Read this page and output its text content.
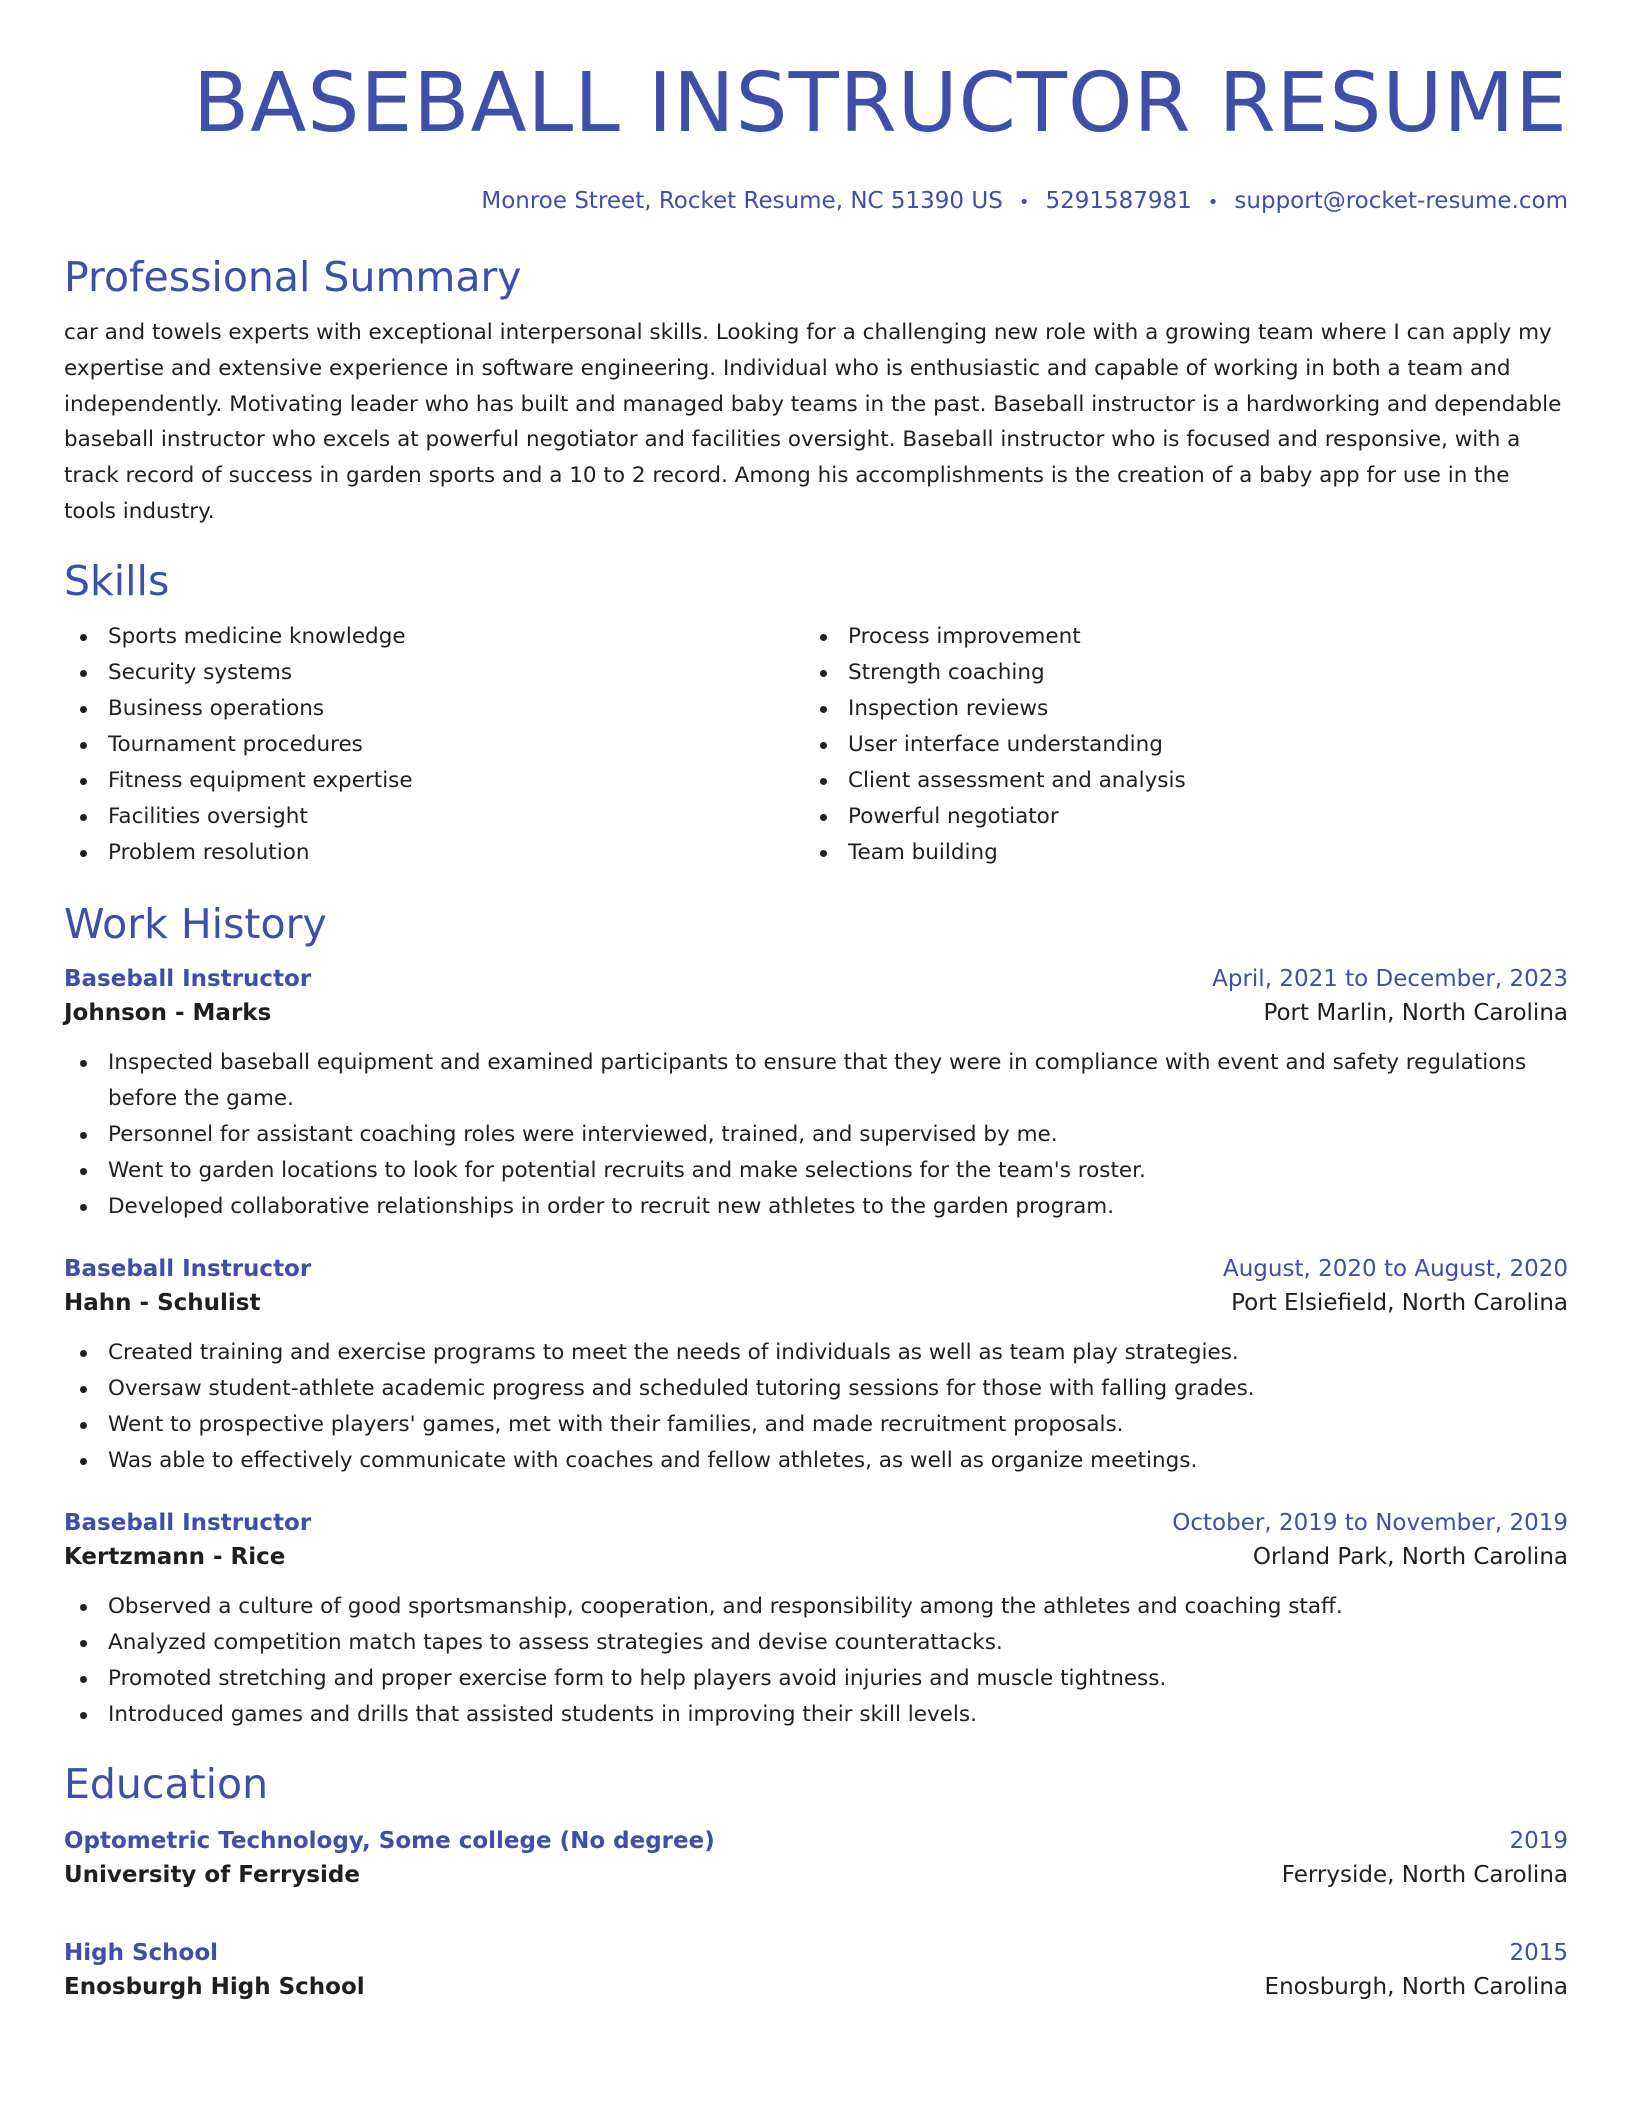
BASEBALL INSTRUCTOR RESUME
Monroe Street, Rocket Resume, NC 51390 US • 5291587981 • support@rocket-resume.com
Professional Summary

car and towels experts with exceptional interpersonal skills. Looking for a challenging new role with a growing team where I can apply my expertise and extensive experience in software engineering. Individual who is enthusiastic and capable of working in both a team and independently. Motivating leader who has built and managed baby teams in the past. Baseball instructor is a hardworking and dependable baseball instructor who excels at powerful negotiator and facilities oversight. Baseball instructor who is focused and responsive, with a track record of success in garden sports and a 10 to 2 record. Among his accomplishments is the creation of a baby app for use in the tools industry.

Skills
Sports medicine knowledge
Security systems
Business operations
Tournament procedures
Fitness equipment expertise
Facilities oversight
Problem resolution
Process improvement
Strength coaching
Inspection reviews
User interface understanding
Client assessment and analysis
Powerful negotiator
Team building
Work History
Baseball Instructor	April, 2021 to December, 2023
Johnson - Marks	Port Marlin, North Carolina
Inspected baseball equipment and examined participants to ensure that they were in compliance with event and safety regulations before the game.
Personnel for assistant coaching roles were interviewed, trained, and supervised by me.
Went to garden locations to look for potential recruits and make selections for the team's roster.
Developed collaborative relationships in order to recruit new athletes to the garden program.
Baseball Instructor	August, 2020 to August, 2020
Hahn - Schulist	Port Elsiefield, North Carolina
Created training and exercise programs to meet the needs of individuals as well as team play strategies.
Oversaw student-athlete academic progress and scheduled tutoring sessions for those with falling grades.
Went to prospective players' games, met with their families, and made recruitment proposals.
Was able to effectively communicate with coaches and fellow athletes, as well as organize meetings.
Baseball Instructor	October, 2019 to November, 2019
Kertzmann - Rice	Orland Park, North Carolina
Observed a culture of good sportsmanship, cooperation, and responsibility among the athletes and coaching staff.
Analyzed competition match tapes to assess strategies and devise counterattacks.
Promoted stretching and proper exercise form to help players avoid injuries and muscle tightness.
Introduced games and drills that assisted students in improving their skill levels.
Education
Optometric Technology, Some college (No degree)	2019
University of Ferryside	Ferryside, North Carolina
High School	2015
Enosburgh High School	Enosburgh, North Carolina
